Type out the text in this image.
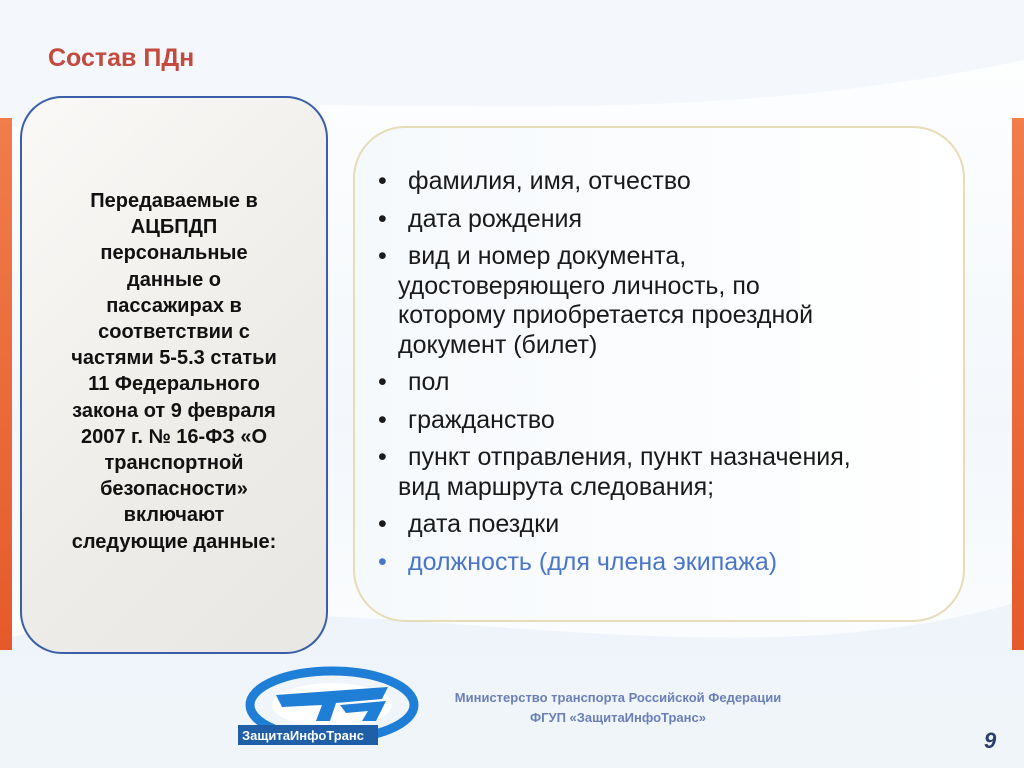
Состав ПДн

Передаваемые в
АЦБПДП
персональные
данные о
пассажирах в
соответствии с
частями 5-5.3 статьи
11 Федерального
закона от 9 февраля
2007 г. № 16-ФЗ «О
транспортной
безопасности»
включают
следующие данные:

• фамилия, имя, отчество
• дата рождения
• вид и номер документа,
удостоверяющего личность, по
которому приобретается проездной
документ (билет)
• пол
• гражданство
• пункт отправления, пункт назначения,
вид маршрута следования;
• дата поездки
• должность (для члена экипажа)
ЗащитаИнфоТранс
Министерство транспорта Российской Федерации
ФГУП «ЗащитаИнфоТранс»
9
